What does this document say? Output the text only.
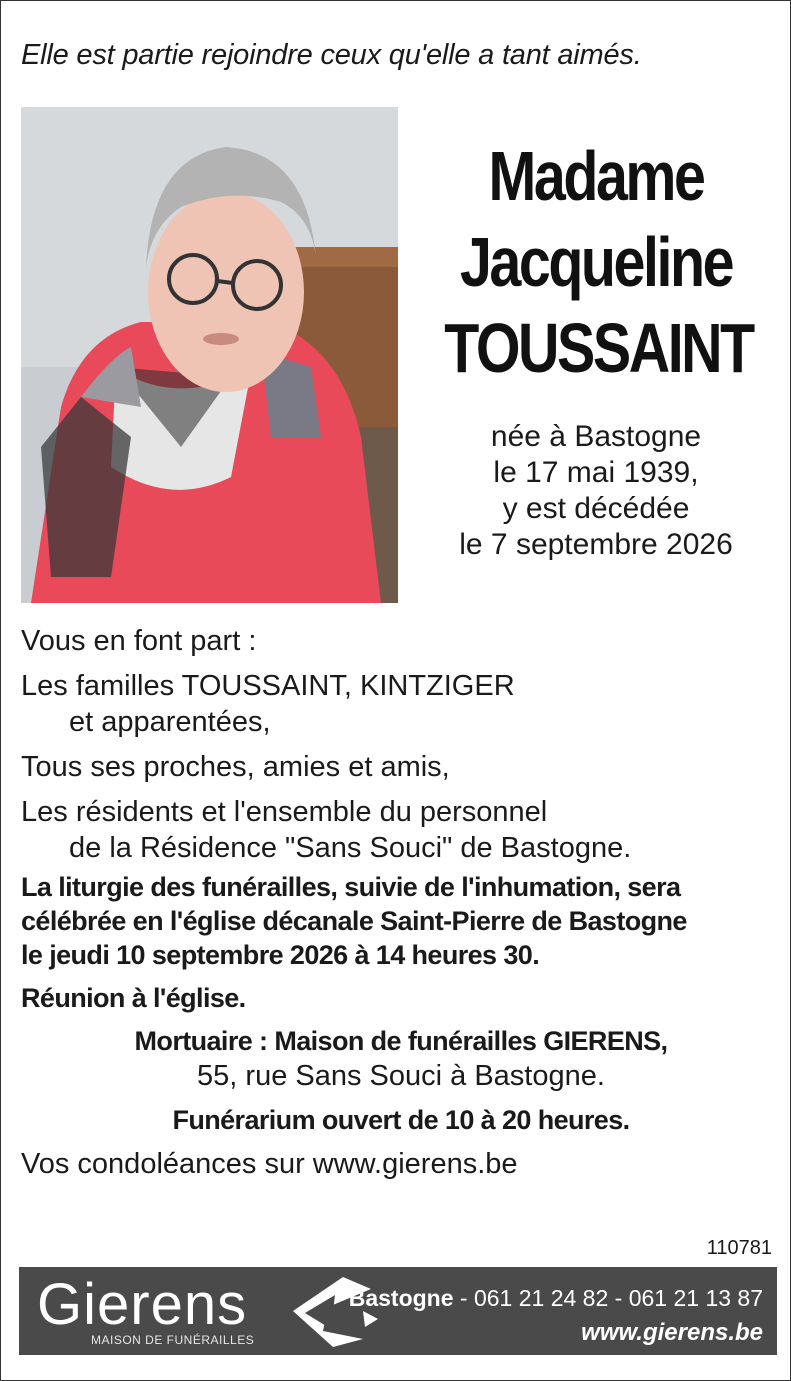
Elle est partie rejoindre ceux qu'elle a tant aimés.
Madame
Jacqueline
TOUSSAINT
née à Bastogne
le 17 mai 1939,
y est décédée
le 7 septembre 2026
Vous en font part :
Les familles TOUSSAINT, KINTZIGER
et apparentées,
Tous ses proches, amies et amis,
Les résidents et l'ensemble du personnel
de la Résidence "Sans Souci" de Bastogne.
La liturgie des funérailles, suivie de l'inhumation, sera
célébrée en l'église décanale Saint-Pierre de Bastogne
le jeudi 10 septembre 2026 à 14 heures 30.
Réunion à l'église.
Mortuaire : Maison de funérailles GIERENS,
55, rue Sans Souci à Bastogne.
Funérarium ouvert de 10 à 20 heures.
Vos condoléances sur www.gierens.be
110781
Gierens
MAISON DE FUNÉRAILLES
Bastogne - 061 21 24 82 - 061 21 13 87
www.gierens.be
